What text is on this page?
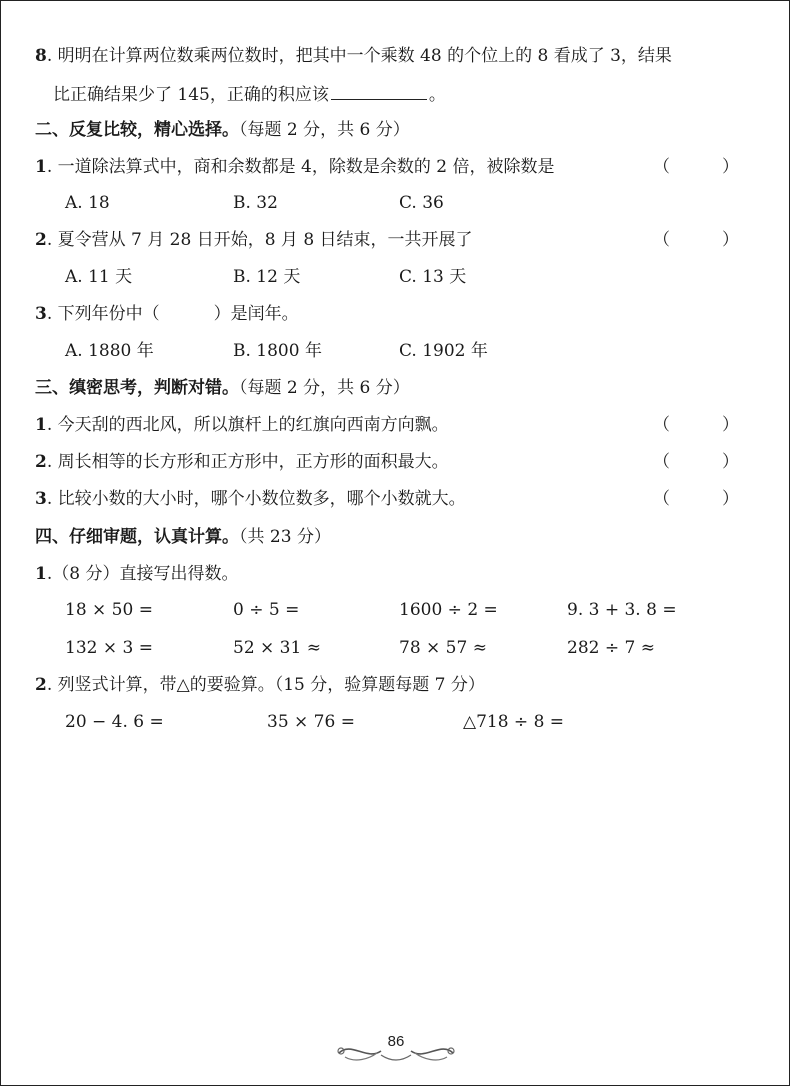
8. 明明在计算两位数乘两位数时，把其中一个乘数 48 的个位上的 8 看成了 3，结果
比正确结果少了 145，正确的积应该	。
二、反复比较，精心选择。（每题 2 分，共 6 分）
1. 一道除法算式中，商和余数都是 4，除数是余数的 2 倍，被除数是	（	）
A. 18	B. 32	C. 36
2. 夏令营从 7 月 28 日开始，8 月 8 日结束，一共开展了	（	）
A. 11 天	B. 12 天	C. 13 天
3. 下列年份中（	）是闰年。
A. 1880 年	B. 1800 年	C. 1902 年
三、缜密思考，判断对错。（每题 2 分，共 6 分）
1. 今天刮的西北风，所以旗杆上的红旗向西南方向飘。	（	）
2. 周长相等的长方形和正方形中，正方形的面积最大。	（	）
3. 比较小数的大小时，哪个小数位数多，哪个小数就大。	（	）
四、仔细审题，认真计算。（共 23 分）
1.（8 分）直接写出得数。
18 × 50 =	0 ÷ 5 =	1600 ÷ 2 =	9. 3 + 3. 8 =
132 × 3 =	52 × 31 ≈	78 × 57 ≈	282 ÷ 7 ≈
2. 列竖式计算，带△的要验算。（15 分，验算题每题 7 分）
20 − 4. 6 =	35 × 76 =	△718 ÷ 8 =
86
